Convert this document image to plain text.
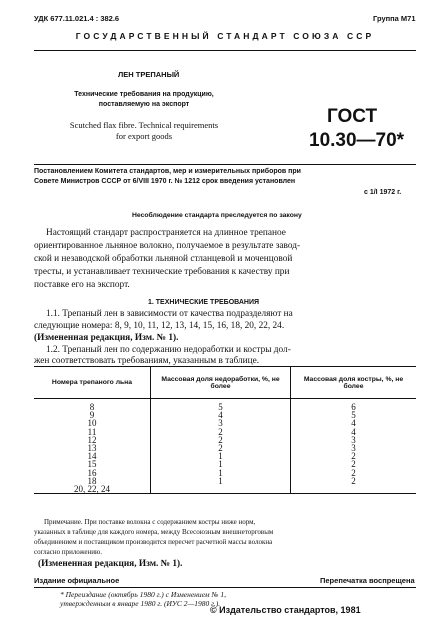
УДК 677.11.021.4 : 382.6	Группа М71
ГОСУДАРСТВЕННЫЙ СТАНДАРТ СОЮЗА ССР
ЛЕН ТРЕПАНЫЙ
Технические требования на продукцию,
поставляемую на экспорт
Scutched flax fibre. Technical requirements
for export goods
ГОСТ
10.30—70*
Постановлением Комитета стандартов, мер и измерительных приборов при
Совете Министров СССР от 6/VIII 1970 г. № 1212 срок введения установлен
с 1/I 1972 г.
Несоблюдение стандарта преследуется по закону
Настоящий стандарт распространяется на длинное трепаное
ориентированное льняное волокно, получаемое в результате завод-
ской и незаводской обработки льняной стланцевой и моченцовой
тресты, и устанавливает технические требования к качеству при
поставке его на экспорт.
1. ТЕХНИЧЕСКИЕ ТРЕБОВАНИЯ
1.1. Трепаный лен в зависимости от качества подразделяют на
следующие номера: 8, 9, 10, 11, 12, 13, 14, 15, 16, 18, 20, 22, 24.
(Измененная редакция, Изм. № 1).
1.2. Трепаный лен по содержанию недоработки и костры дол-
жен соответствовать требованиям, указанным в таблице.
Номера трепаного льна	Массовая доля недоработки, %, не более	Массовая доля костры, %, не более
8	5	6
9	4	5
10	3	4
11	2	4
12	2	3
13	2	3
14	1	2
15	1	2
16	1	2
18	1	2
20, 22, 24		
Примечание. При поставке волокна с содержанием костры ниже норм,
указанных в таблице для каждого номера, между Всесоюзным внешнеторговым
объединением и поставщиком производится пересчет расчетной массы волокна
согласно приложению.
(Измененная редакция, Изм. № 1).
Издание официальное	Перепечатка воспрещена
* Переиздание (октябрь 1980 г.) с Изменением № 1,
утвержденным в январе 1980 г. (ИУС 2—1980 г.).
© Издательство стандартов, 1981
